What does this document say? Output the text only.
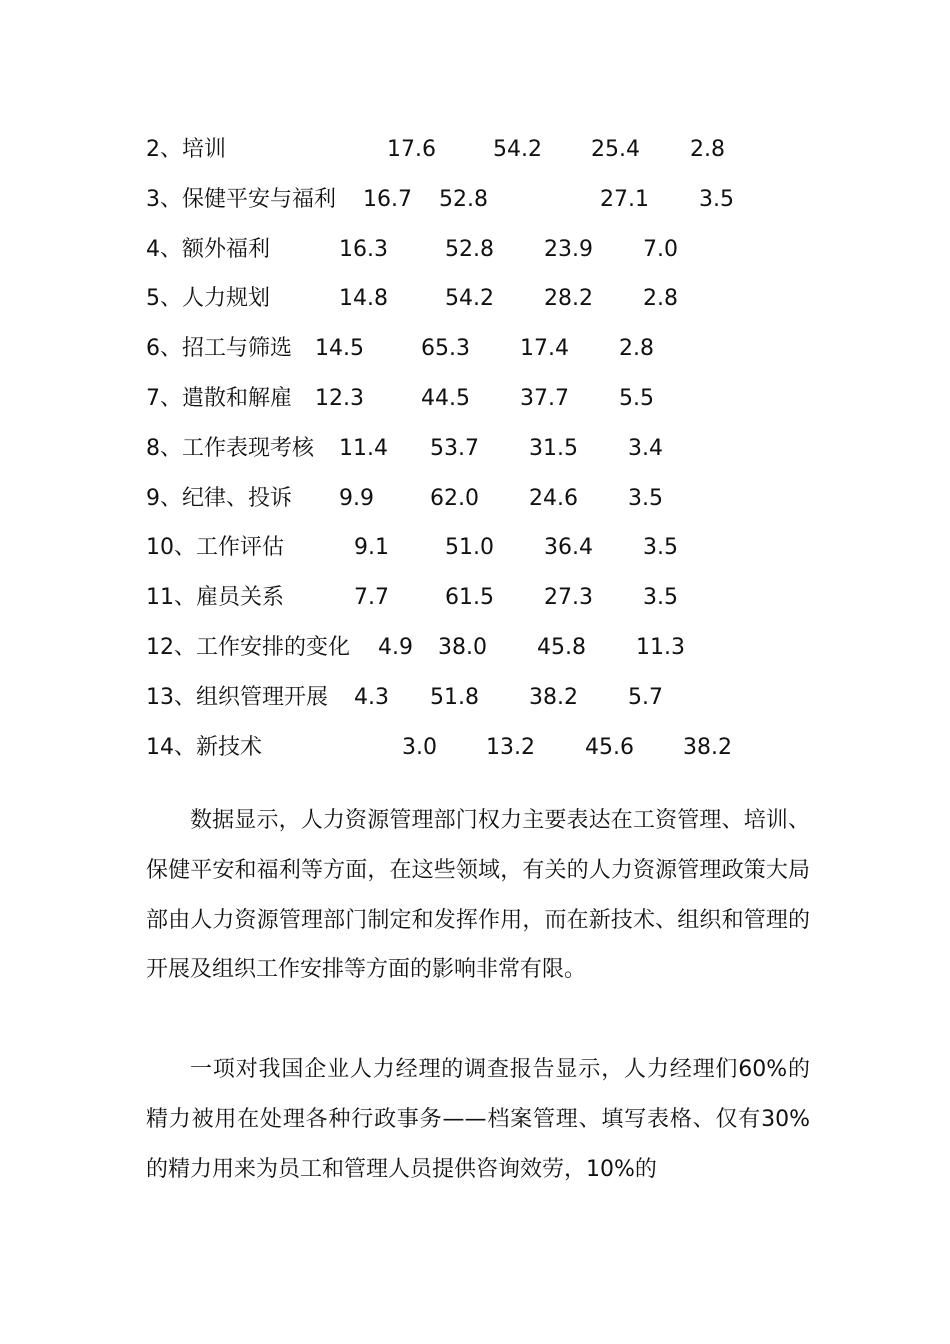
2、培训	17.6	54.2 25.4 2.8
3、保健平安与福利 16.7 52.8	27.1 3.5
4、额外福利	16.3	52.8 23.9 7.0
5、人力规划	14.8	54.2 28.2 2.8
6、招工与筛选 14.5	65.3 17.4 2.8
7、遣散和解雇 12.3	44.5 37.7 5.5
8、工作表现考核 11.4 53.7 31.5 3.4
9、纪律、投诉 9.9	62.0 24.6 3.5
10、工作评估	9.1	51.0 36.4 3.5
11、雇员关系	7.7	61.5 27.3 3.5
12、工作安排的变化 4.9 38.0 45.8 11.3
13、组织管理开展 4.3 51.8 38.2 5.7
14、新技术	3.0 13.2 45.6 38.2

数据显示，人力资源管理部门权力主要表达在工资管理、培训、保健平安和福利等方面，在这些领域，有关的人力资源管理政策大局部由人力资源管理部门制定和发挥作用，而在新技术、组织和管理的开展及组织工作安排等方面的影响非常有限。

一项对我国企业人力经理的调查报告显示，人力经理们60%的精力被用在处理各种行政事务——档案管理、填写表格、仅有30%的精力用来为员工和管理人员提供咨询效劳，10%的
